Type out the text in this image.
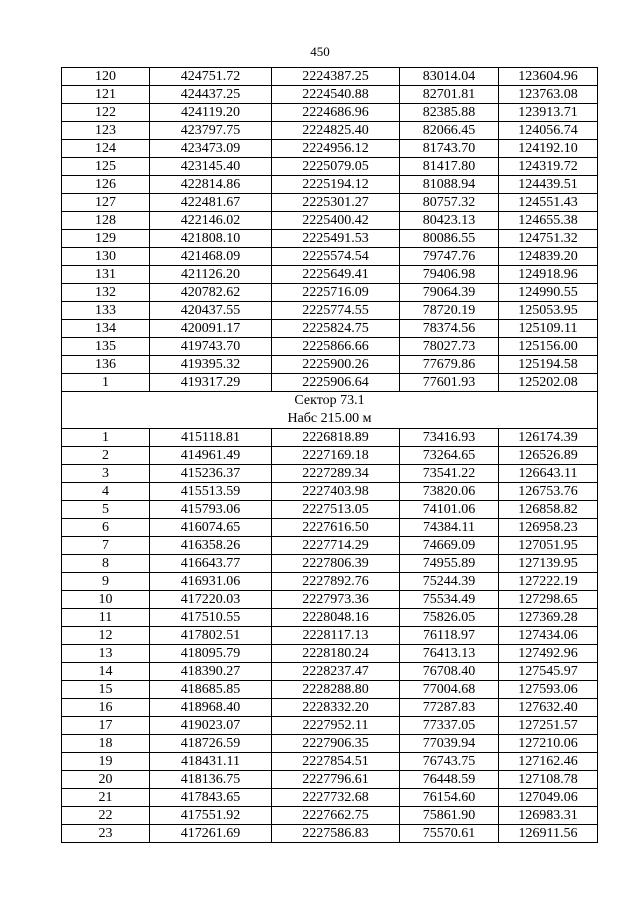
450
120	424751.72	2224387.25	83014.04	123604.96
121	424437.25	2224540.88	82701.81	123763.08
122	424119.20	2224686.96	82385.88	123913.71
123	423797.75	2224825.40	82066.45	124056.74
124	423473.09	2224956.12	81743.70	124192.10
125	423145.40	2225079.05	81417.80	124319.72
126	422814.86	2225194.12	81088.94	124439.51
127	422481.67	2225301.27	80757.32	124551.43
128	422146.02	2225400.42	80423.13	124655.38
129	421808.10	2225491.53	80086.55	124751.32
130	421468.09	2225574.54	79747.76	124839.20
131	421126.20	2225649.41	79406.98	124918.96
132	420782.62	2225716.09	79064.39	124990.55
133	420437.55	2225774.55	78720.19	125053.95
134	420091.17	2225824.75	78374.56	125109.11
135	419743.70	2225866.66	78027.73	125156.00
136	419395.32	2225900.26	77679.86	125194.58
1	419317.29	2225906.64	77601.93	125202.08

Сектор 73.1
Набс 215.00 м				

1	415118.81	2226818.89	73416.93	126174.39
2	414961.49	2227169.18	73264.65	126526.89
3	415236.37	2227289.34	73541.22	126643.11
4	415513.59	2227403.98	73820.06	126753.76
5	415793.06	2227513.05	74101.06	126858.82
6	416074.65	2227616.50	74384.11	126958.23
7	416358.26	2227714.29	74669.09	127051.95
8	416643.77	2227806.39	74955.89	127139.95
9	416931.06	2227892.76	75244.39	127222.19
10	417220.03	2227973.36	75534.49	127298.65
11	417510.55	2228048.16	75826.05	127369.28
12	417802.51	2228117.13	76118.97	127434.06
13	418095.79	2228180.24	76413.13	127492.96
14	418390.27	2228237.47	76708.40	127545.97
15	418685.85	2228288.80	77004.68	127593.06
16	418968.40	2228332.20	77287.83	127632.40
17	419023.07	2227952.11	77337.05	127251.57
18	418726.59	2227906.35	77039.94	127210.06
19	418431.11	2227854.51	76743.75	127162.46
20	418136.75	2227796.61	76448.59	127108.78
21	417843.65	2227732.68	76154.60	127049.06
22	417551.92	2227662.75	75861.90	126983.31
23	417261.69	2227586.83	75570.61	126911.56
